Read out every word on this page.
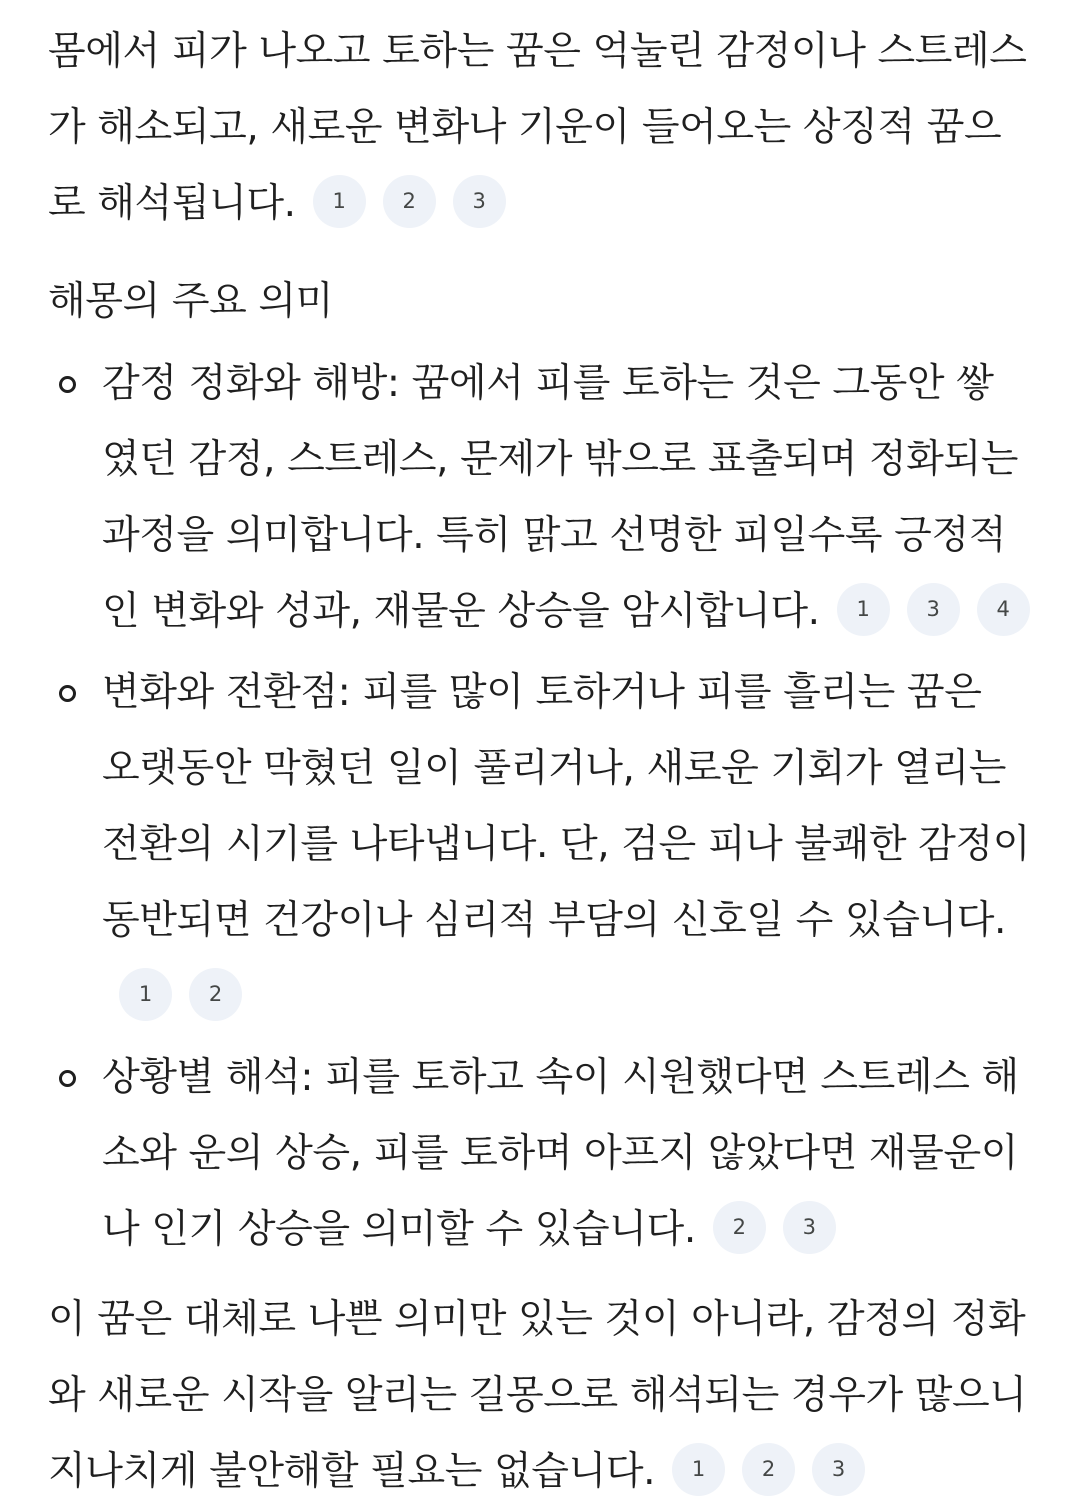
몸에서 피가 나오고 토하는 꿈은 억눌린 감정이나 스트레스가 해소되고, 새로운 변화나 기운이 들어오는 상징적 꿈으로 해석됩니다. 1	2	3

해몽의 주요 의미

감정 정화와 해방: 꿈에서 피를 토하는 것은 그동안 쌓였던 감정, 스트레스, 문제가 밖으로 표출되며 정화되는 과정을 의미합니다. 특히 맑고 선명한 피일수록 긍정적인 변화와 성과, 재물운 상승을 암시합니다. 1	3	4
변화와 전환점: 피를 많이 토하거나 피를 흘리는 꿈은 오랫동안 막혔던 일이 풀리거나, 새로운 기회가 열리는 전환의 시기를 나타냅니다. 단, 검은 피나 불쾌한 감정이 동반되면 건강이나 심리적 부담의 신호일 수 있습니다.1	2
상황별 해석: 피를 토하고 속이 시원했다면 스트레스 해소와 운의 상승, 피를 토하며 아프지 않았다면 재물운이나 인기 상승을 의미할 수 있습니다. 2	3

이 꿈은 대체로 나쁜 의미만 있는 것이 아니라, 감정의 정화와 새로운 시작을 알리는 길몽으로 해석되는 경우가 많으니 지나치게 불안해할 필요는 없습니다. 1	2	3
